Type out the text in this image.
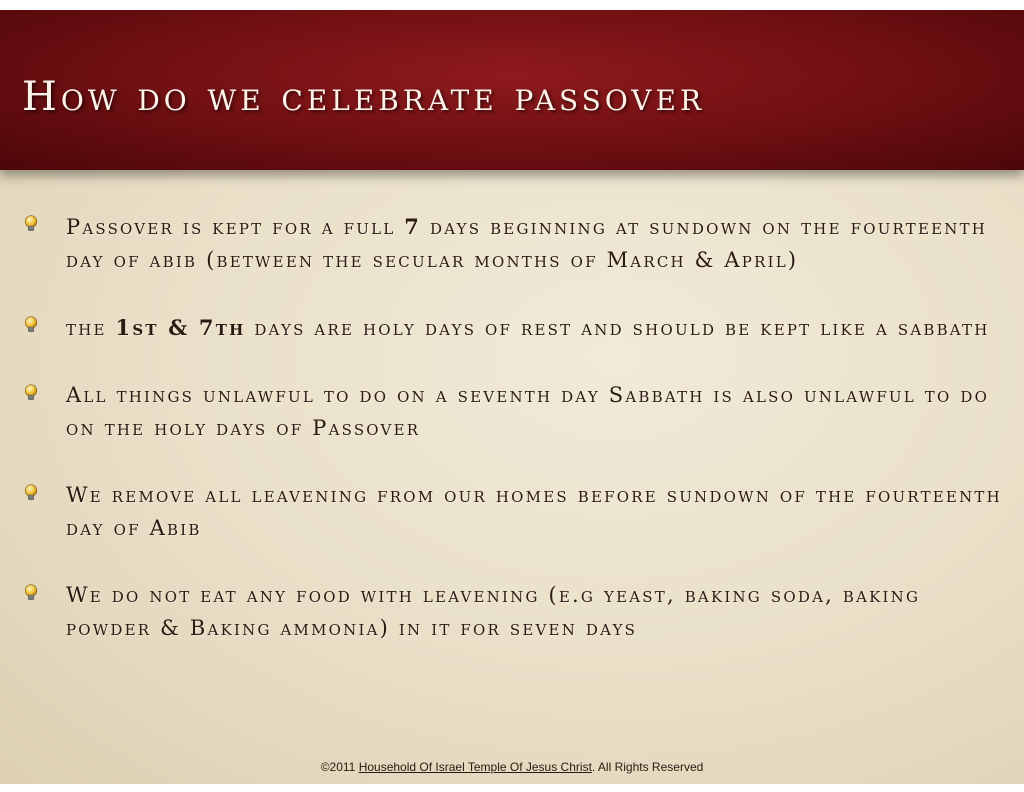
How do we celebrate passover
Passover is kept for a full 7 days beginning at sundown on the fourteenth day of abib (between the secular months of March & April)
the 1st & 7th days are holy days of rest and should be kept like a sabbath
All things unlawful to do on a seventh day Sabbath is also unlawful to do on the holy days of Passover
We remove all leavening from our homes before sundown of the fourteenth day of Abib
We do not eat any food with leavening (e.g yeast, baking soda, baking powder & Baking ammonia) in it for seven days
©2011 Household Of Israel Temple Of Jesus Christ. All Rights Reserved
